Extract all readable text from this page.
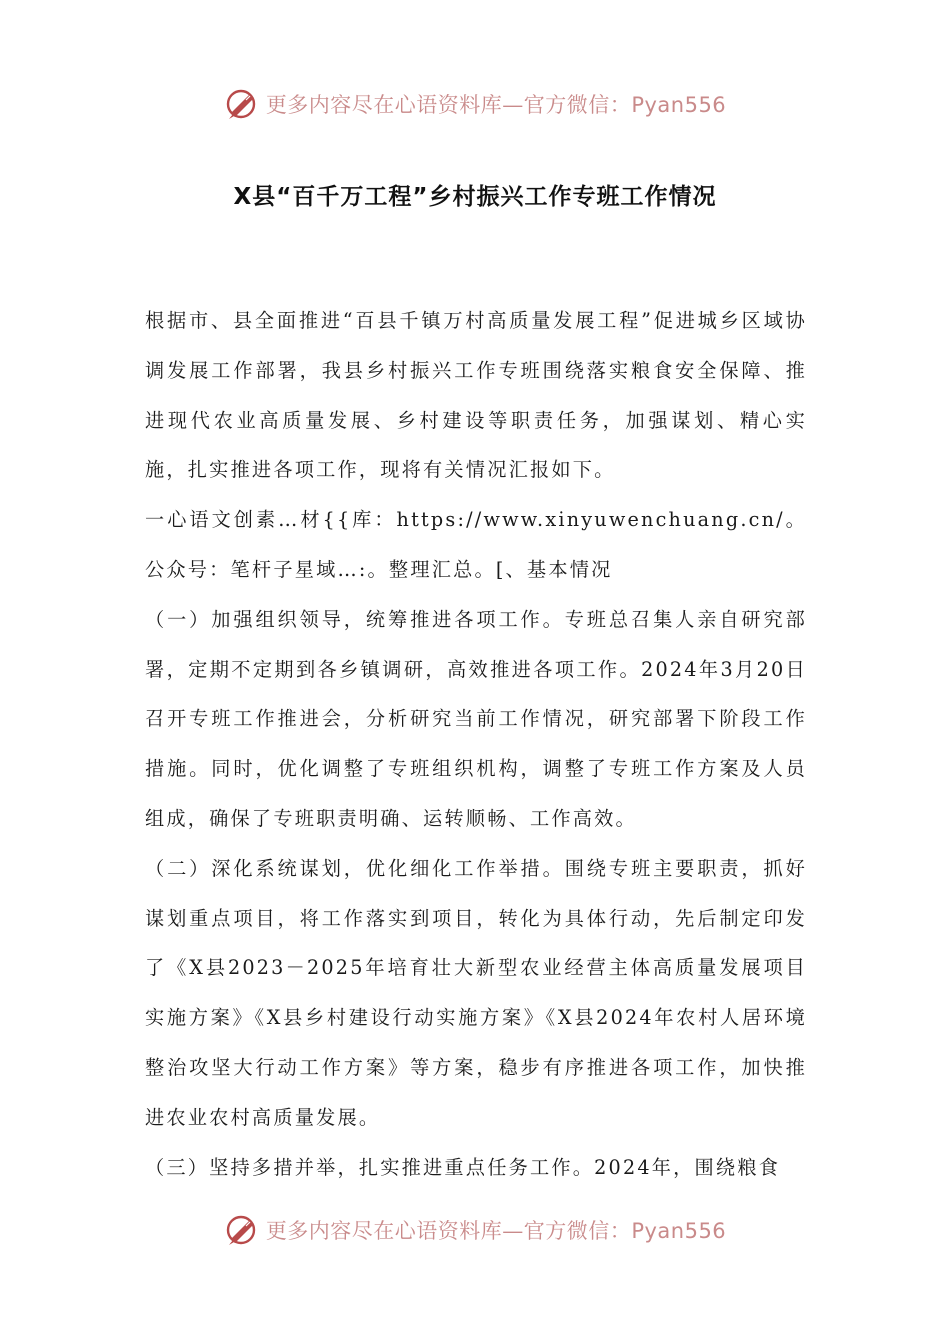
更多内容尽在心语资料库—官方微信：Pyan556
X县“百千万工程”乡村振兴工作专班工作情况

根据市、县全面推进“百县千镇万村高质量发展工程”促进城乡区域协调发展工作部署，我县乡村振兴工作专班围绕落实粮食安全保障、推进现代农业高质量发展、乡村建设等职责任务，加强谋划、精心实施，扎实推进各项工作，现将有关情况汇报如下。

一心语文创素…材{{库：https://www.xinyuwenchuang.cn/。公众号：笔杆子星域…:。整理汇总。[、基本情况

（一）加强组织领导，统筹推进各项工作。专班总召集人亲自研究部署，定期不定期到各乡镇调研，高效推进各项工作。2024年3月20日召开专班工作推进会，分析研究当前工作情况，研究部署下阶段工作措施。同时，优化调整了专班组织机构，调整了专班工作方案及人员组成，确保了专班职责明确、运转顺畅、工作高效。

（二）深化系统谋划，优化细化工作举措。围绕专班主要职责，抓好谋划重点项目，将工作落实到项目，转化为具体行动，先后制定印发了《X县2023－2025年培育壮大新型农业经营主体高质量发展项目实施方案》《X县乡村建设行动实施方案》《X县2024年农村人居环境整治攻坚大行动工作方案》等方案，稳步有序推进各项工作，加快推进农业农村高质量发展。

（三）坚持多措并举，扎实推进重点任务工作。2024年，围绕粮食

更多内容尽在心语资料库—官方微信：Pyan556
